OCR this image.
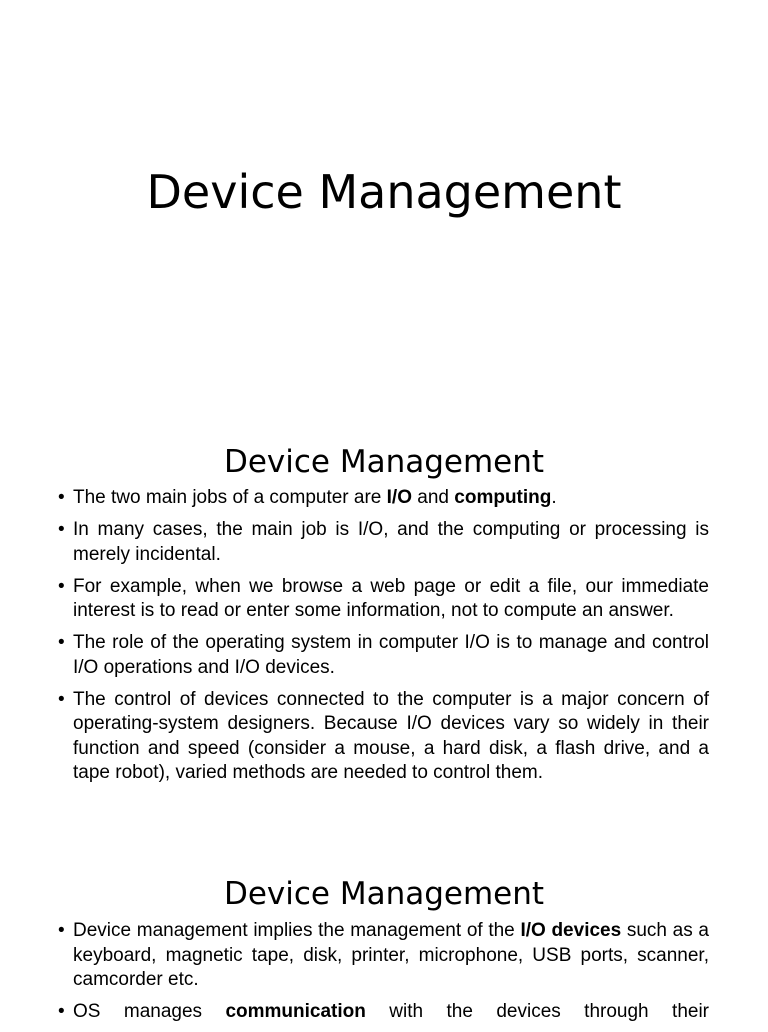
Device Management
Device Management
• The two main jobs of a computer are I/O and computing.
• In many cases, the main job is I/O, and the computing or processing is merely incidental.
• For example, when we browse a web page or edit a file, our immediate interest is to read or enter some information, not to compute an answer.
• The role of the operating system in computer I/O is to manage and control I/O operations and I/O devices.
• The control of devices connected to the computer is a major concern of operating-system designers. Because I/O devices vary so widely in their function and speed (consider a mouse, a hard disk, a flash drive, and a tape robot), varied methods are needed to control them.
Device Management
• Device management implies the management of the I/O devices such as a keyboard, magnetic tape, disk, printer, microphone, USB ports, scanner, camcorder etc.
• OS manages communication with the devices through their
